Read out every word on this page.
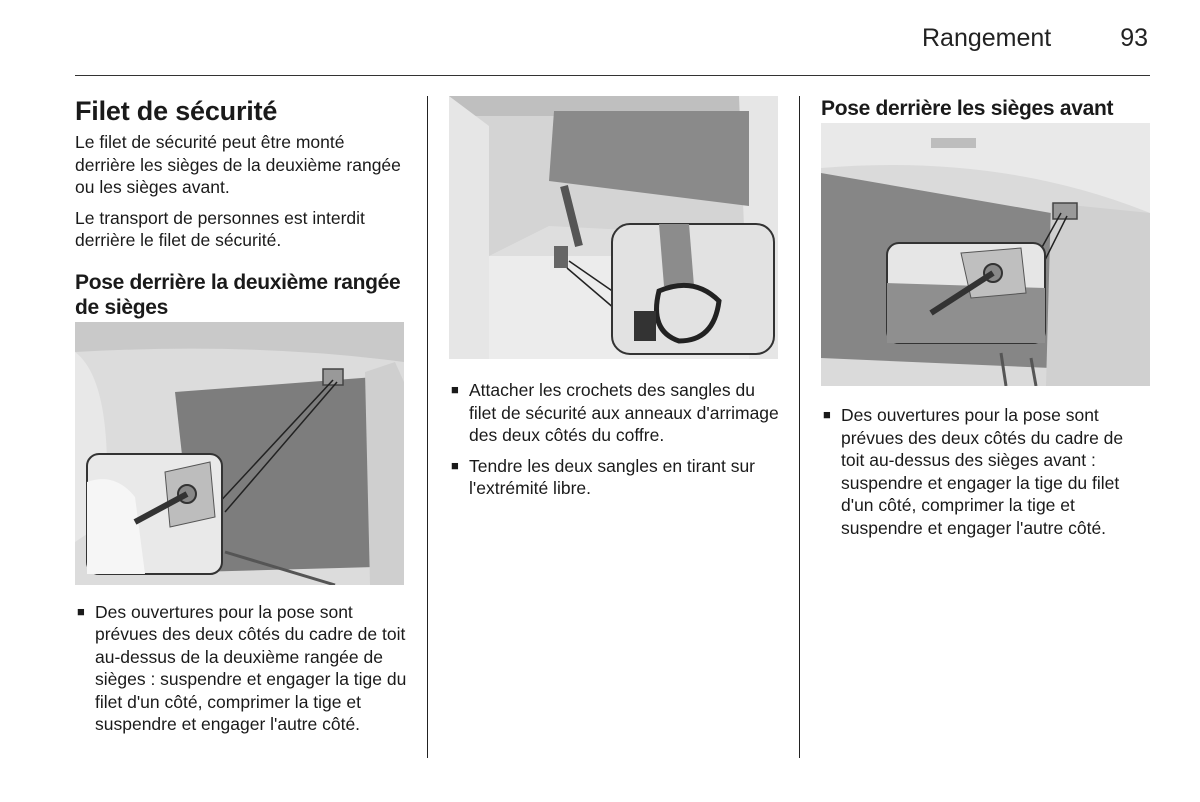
Rangement	93
Filet de sécurité

Le filet de sécurité peut être monté derrière les sièges de la deuxième rangée ou les sièges avant.

Le transport de personnes est interdit derrière le filet de sécurité.

Pose derrière la deuxième rangée de sièges
■ Des ouvertures pour la pose sont prévues des deux côtés du cadre de toit au-dessus de la deuxième rangée de sièges : suspendre et engager la tige du filet d'un côté, comprimer la tige et suspendre et engager l'autre côté.
■ Attacher les crochets des sangles du filet de sécurité aux anneaux d'arrimage des deux côtés du coffre.
■ Tendre les deux sangles en tirant sur l'extrémité libre.
Pose derrière les sièges avant
■ Des ouvertures pour la pose sont prévues des deux côtés du cadre de toit au-dessus des sièges avant : suspendre et engager la tige du filet d'un côté, comprimer la tige et suspendre et engager l'autre côté.
